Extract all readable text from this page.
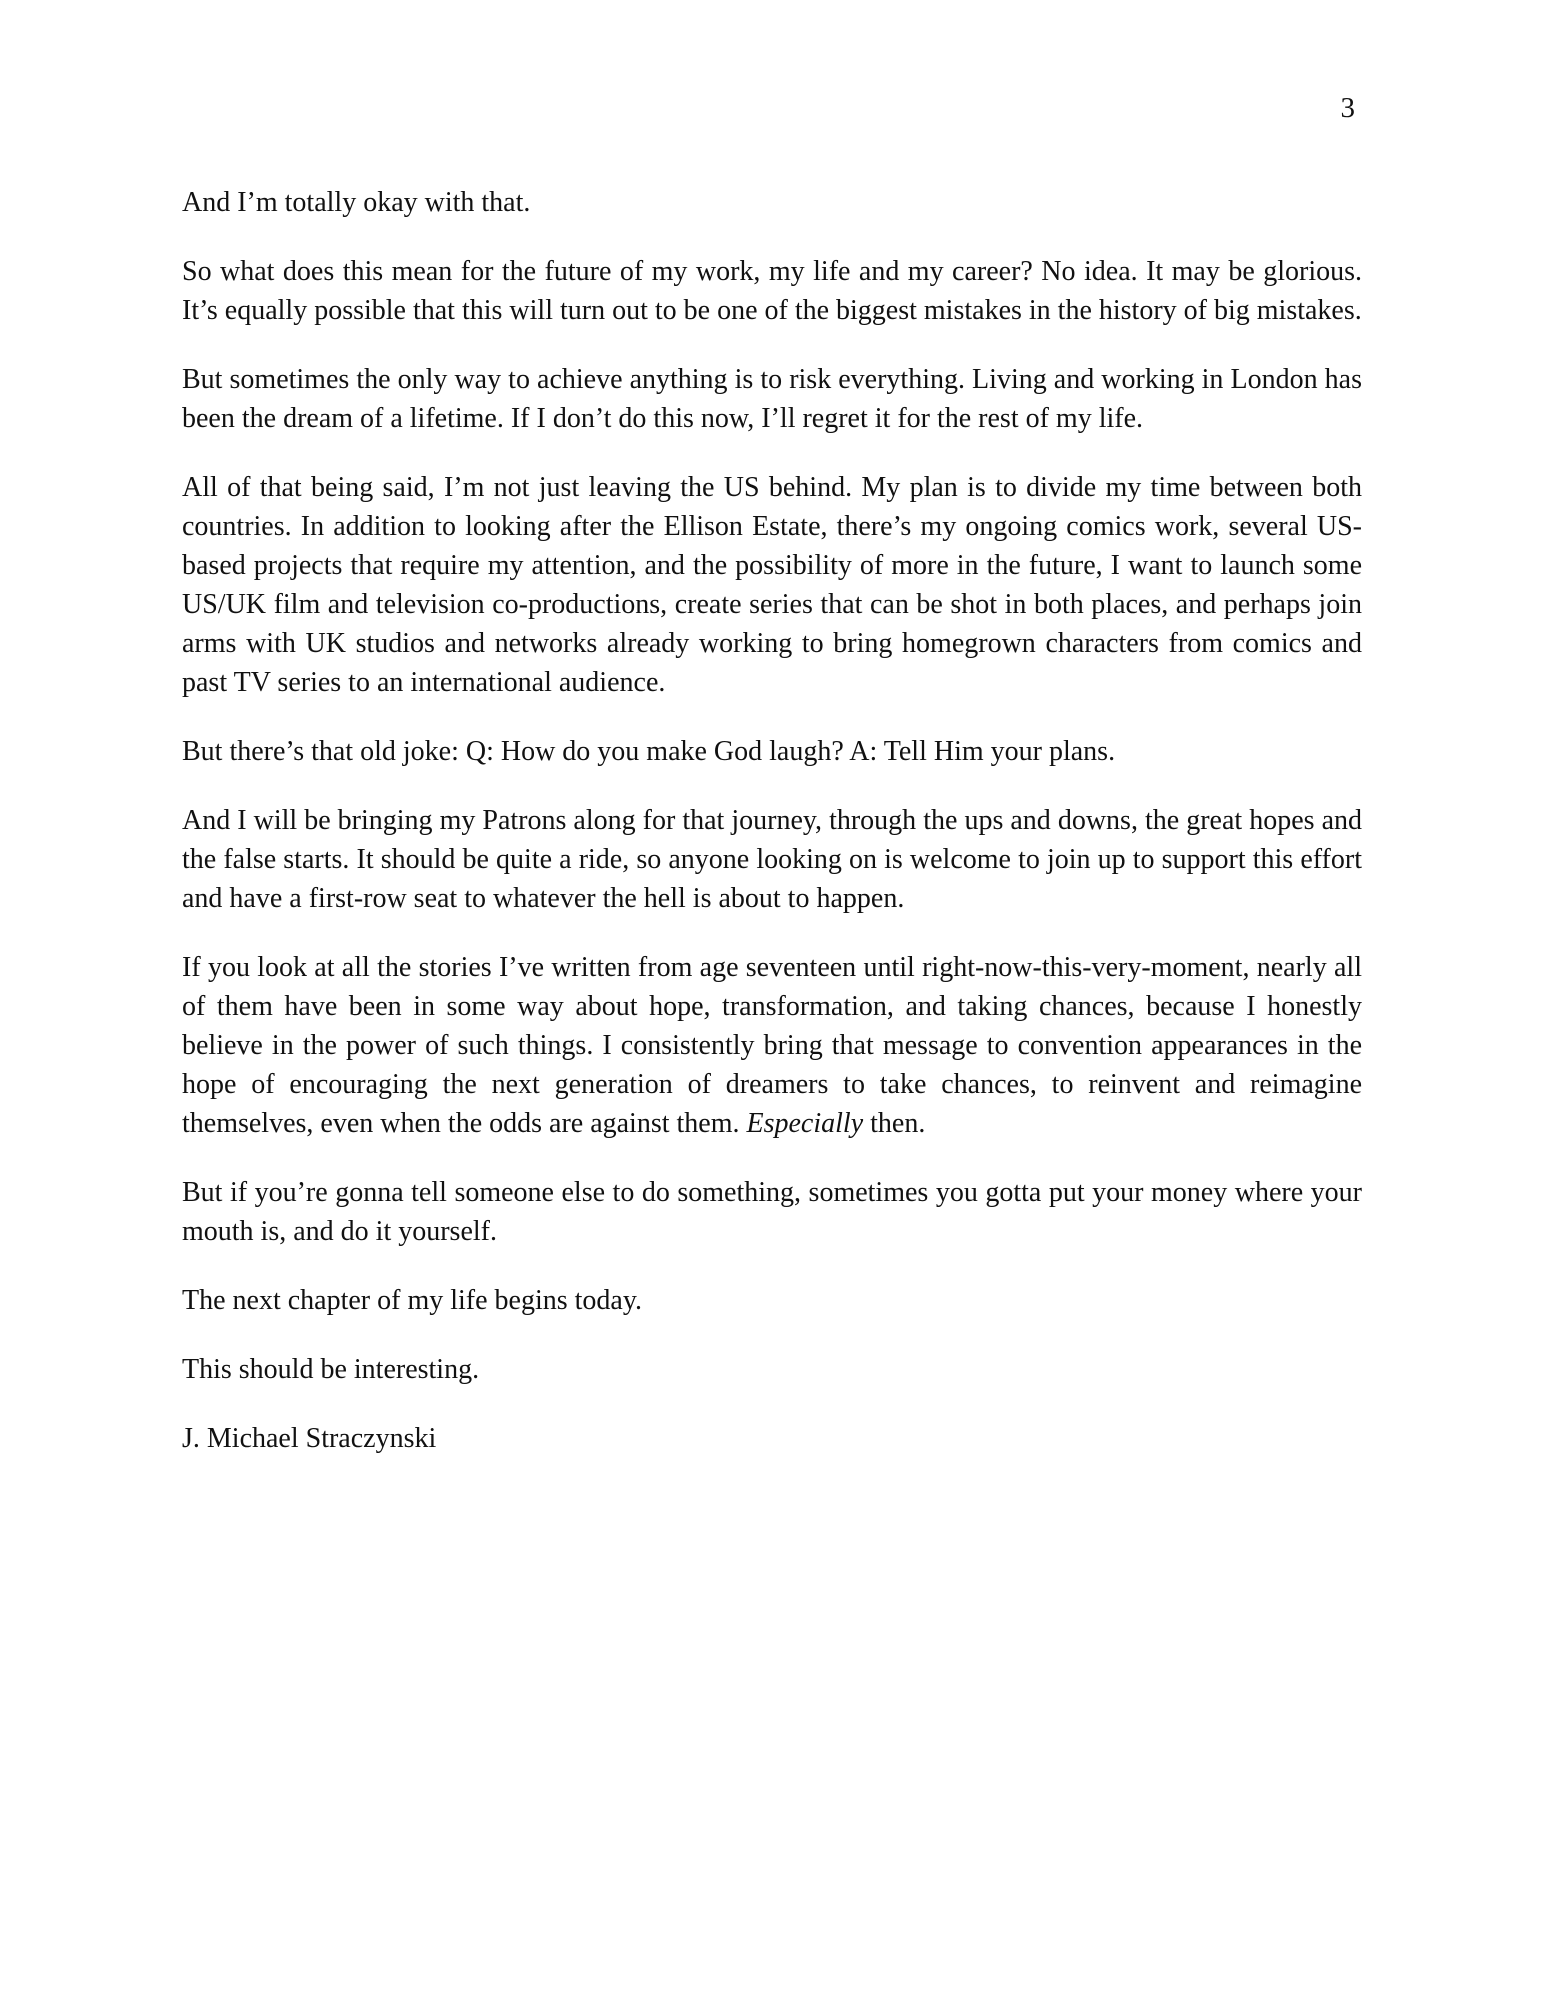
3

And I’m totally okay with that.

So what does this mean for the future of my work, my life and my career? No idea. It may be glorious. It’s equally possible that this will turn out to be one of the biggest mistakes in the history of big mistakes.

But sometimes the only way to achieve anything is to risk everything. Living and working in London has been the dream of a lifetime. If I don’t do this now, I’ll regret it for the rest of my life.

All of that being said, I’m not just leaving the US behind. My plan is to divide my time between both countries. In addition to looking after the Ellison Estate, there’s my ongoing comics work, several US-based projects that require my attention, and the possibility of more in the future, I want to launch some US/UK film and television co-productions, create series that can be shot in both places, and perhaps join arms with UK studios and networks already working to bring homegrown characters from comics and past TV series to an international audience.

But there’s that old joke: Q: How do you make God laugh? A: Tell Him your plans.

And I will be bringing my Patrons along for that journey, through the ups and downs, the great hopes and the false starts. It should be quite a ride, so anyone looking on is welcome to join up to support this effort and have a first-row seat to whatever the hell is about to happen.

If you look at all the stories I’ve written from age seventeen until right-now-this-very-moment, nearly all of them have been in some way about hope, transformation, and taking chances, because I honestly believe in the power of such things. I consistently bring that message to convention appearances in the hope of encouraging the next generation of dreamers to take chances, to reinvent and reimagine themselves, even when the odds are against them. Especially then.

But if you’re gonna tell someone else to do something, sometimes you gotta put your money where your mouth is, and do it yourself.

The next chapter of my life begins today.

This should be interesting.

J. Michael Straczynski
